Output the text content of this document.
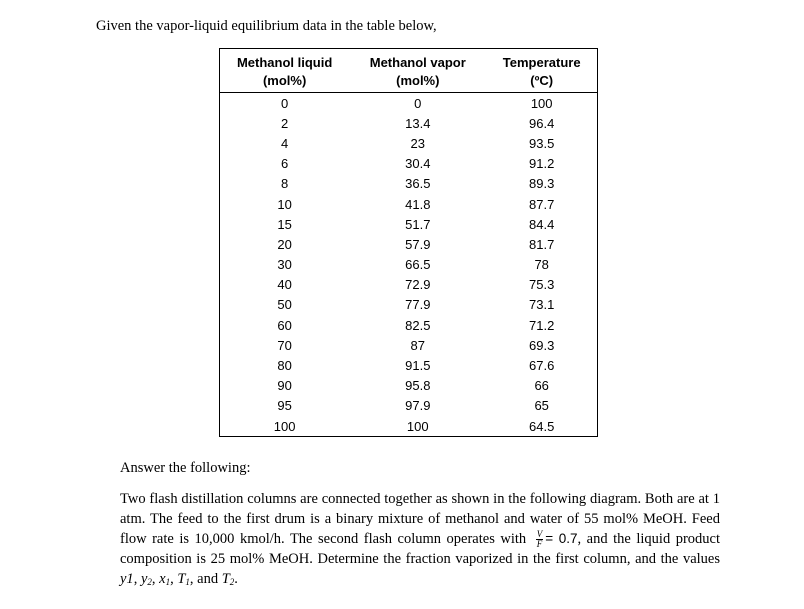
Given the vapor-liquid equilibrium data in the table below,
Methanol liquid	Methanol vapor	Temperature
(mol%)	(mol%)	(ºC)
0	0	100
2	13.4	96.4
4	23	93.5
6	30.4	91.2
8	36.5	89.3
10	41.8	87.7
15	51.7	84.4
20	57.9	81.7
30	66.5	78
40	72.9	75.3
50	77.9	73.1
60	82.5	71.2
70	87	69.3
80	91.5	67.6
90	95.8	66
95	97.9	65
100	100	64.5
Answer the following:

Two flash distillation columns are connected together as shown in the following diagram. Both are at 1 atm. The feed to the first drum is a binary mixture of methanol and water of 55 mol% MeOH. Feed flow rate is 10,000 kmol/h. The second flash column operates with $\frac{V}{F} = 0.7$, and the liquid product composition is 25 mol% MeOH. Determine the fraction vaporized in the first column, and the values y1, $y_2$, $x_1$, $T_1$, and $T_2$.
